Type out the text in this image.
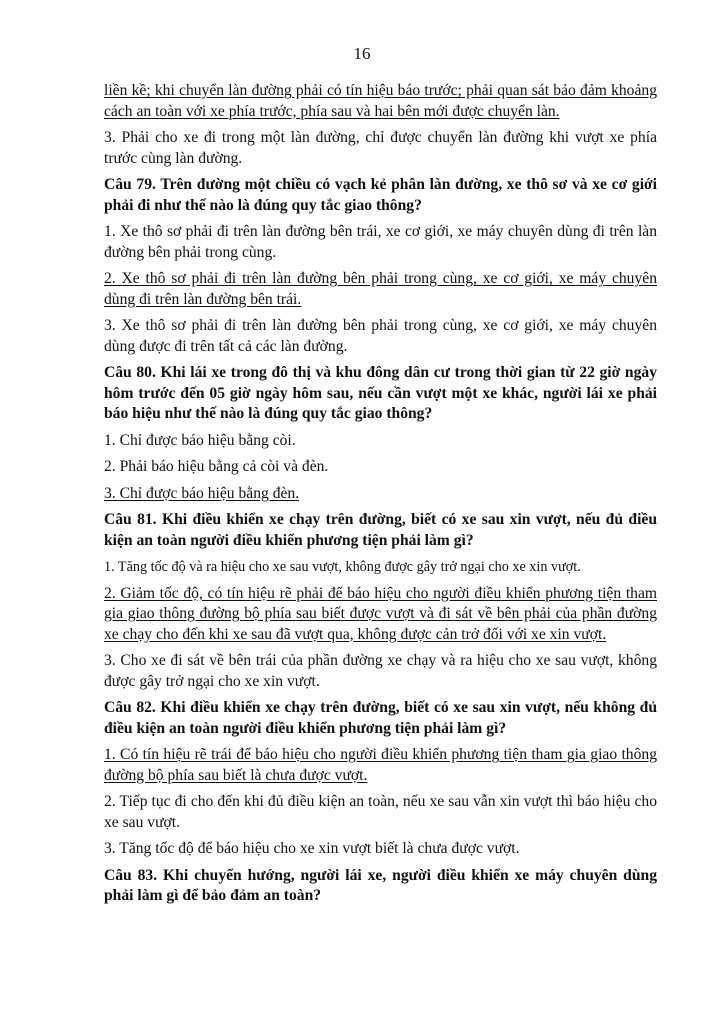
16

liền kề; khi chuyển làn đường phải có tín hiệu báo trước; phải quan sát bảo đảm khoảng cách an toàn với xe phía trước, phía sau và hai bên mới được chuyển làn.

3. Phải cho xe đi trong một làn đường, chỉ được chuyển làn đường khi vượt xe phía trước cùng làn đường.

Câu 79. Trên đường một chiều có vạch kẻ phân làn đường, xe thô sơ và xe cơ giới phải đi như thế nào là đúng quy tắc giao thông?

1. Xe thô sơ phải đi trên làn đường bên trái, xe cơ giới, xe máy chuyên dùng đi trên làn đường bên phải trong cùng.

2. Xe thô sơ phải đi trên làn đường bên phải trong cùng, xe cơ giới, xe máy chuyên dùng đi trên làn đường bên trái.

3. Xe thô sơ phải đi trên làn đường bên phải trong cùng, xe cơ giới, xe máy chuyên dùng được đi trên tất cả các làn đường.

Câu 80. Khi lái xe trong đô thị và khu đông dân cư trong thời gian từ 22 giờ ngày hôm trước đến 05 giờ ngày hôm sau, nếu cần vượt một xe khác, người lái xe phải báo hiệu như thế nào là đúng quy tắc giao thông?

1. Chỉ được báo hiệu bằng còi.

2. Phải báo hiệu bằng cả còi và đèn.

3. Chỉ được báo hiệu bằng đèn.

Câu 81. Khi điều khiển xe chạy trên đường, biết có xe sau xin vượt, nếu đủ điều kiện an toàn người điều khiển phương tiện phải làm gì?

1. Tăng tốc độ và ra hiệu cho xe sau vượt, không được gây trở ngại cho xe xin vượt.

2. Giảm tốc độ, có tín hiệu rẽ phải để báo hiệu cho người điều khiển phương tiện tham gia giao thông đường bộ phía sau biết được vượt và đi sát về bên phải của phần đường xe chạy cho đến khi xe sau đã vượt qua, không được cản trở đối với xe xin vượt.

3. Cho xe đi sát về bên trái của phần đường xe chạy và ra hiệu cho xe sau vượt, không được gây trở ngại cho xe xin vượt.

Câu 82. Khi điều khiển xe chạy trên đường, biết có xe sau xin vượt, nếu không đủ điều kiện an toàn người điều khiển phương tiện phải làm gì?

1. Có tín hiệu rẽ trái để báo hiệu cho người điều khiển phương tiện tham gia giao thông đường bộ phía sau biết là chưa được vượt.

2. Tiếp tục đi cho đến khi đủ điều kiện an toàn, nếu xe sau vẫn xin vượt thì báo hiệu cho xe sau vượt.

3. Tăng tốc độ để báo hiệu cho xe xin vượt biết là chưa được vượt.

Câu 83. Khi chuyển hướng, người lái xe, người điều khiển xe máy chuyên dùng phải làm gì để bảo đảm an toàn?
